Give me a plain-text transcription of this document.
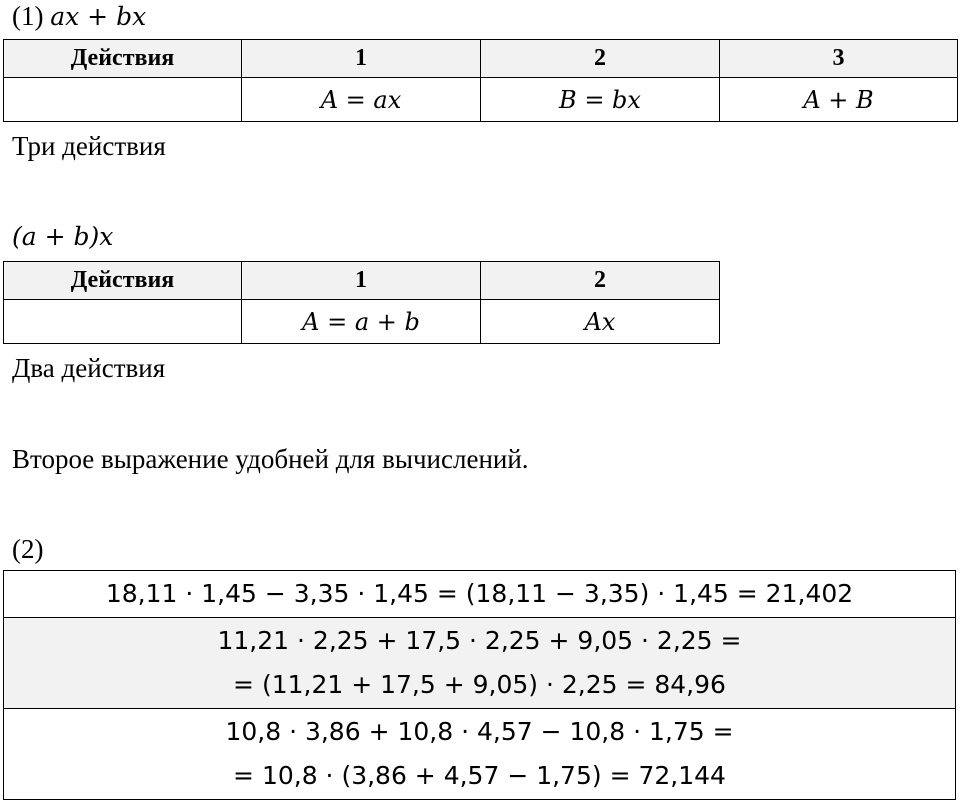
(1) ax + bx
Действия	1	2	3
	A = ax	B = bx	A + B
Три действия
(a + b)x
Действия	1	2
	A = a + b	Ax
Два действия
Второе выражение удобней для вычислений.
(2)
18,11 · 1,45 − 3,35 · 1,45 = (18,11 − 3,35) · 1,45 = 21,402

11,21 · 2,25 + 17,5 · 2,25 + 9,05 · 2,25 =
= (11,21 + 17,5 + 9,05) · 2,25 = 84,96

10,8 · 3,86 + 10,8 · 4,57 − 10,8 · 1,75 =
= 10,8 · (3,86 + 4,57 − 1,75) = 72,144
